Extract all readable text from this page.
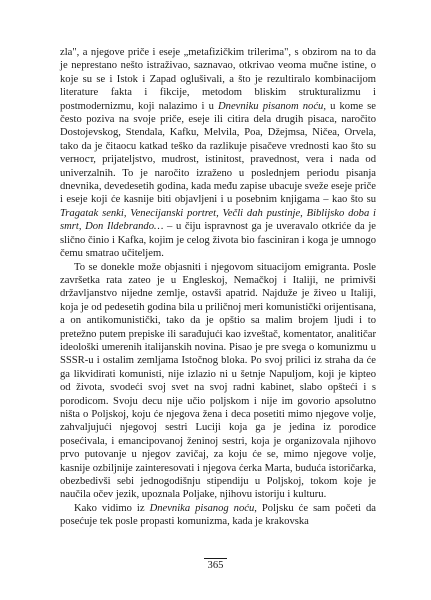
zla", a njegove priče i eseje „metafizičkim trilerima", s obzirom na to da je neprestano nešto istraživao, saznavao, otkrivao veoma mučne istine, o koje su se i Istok i Zapad oglušivali, a što je rezultiralo kombinacijom literature fakta i fikcije, metodom bliskim strukturalizmu i postmodernizmu, koji nalazimo i u Dnevniku pisanom noću, u kome se često poziva na svoje priče, eseje ili citira dela drugih pisaca, naročito Dostojevskog, Stendala, Kafku, Melvila, Poa, Džejmsa, Ničea, Orvela, tako da je čitaocu katkad teško da razlikuje pisačeve vrednosti kao što su verност, prijateljstvo, mudrost, istinitost, pravednost, vera i nada od univerzalnih. To je naročito izraženo u poslednjem periodu pisanja dnevnika, devedesetih godina, kada među zapise ubacuje sveže eseje priče i eseje koji će kasnije biti objavljeni i u posebnim knjigama – kao što su Tragatak senki, Venecijanski portret, Večli dah pustinje, Biblijsko doba i smrt, Don Ildebrando… – u čiju ispravnost ga je uveravalo otkriće da je slično činio i Kafka, kojim je celog života bio fasciniran i koga je umnogo čemu smatrao učiteljem.

To se donekle može objasniti i njegovom situacijom emigranta. Posle završetka rata zateo je u Engleskoj, Nemačkoj i Italiji, ne primivši državljanstvo nijedne zemlje, ostavši apatrid. Najduže je živeo u Italiji, koja je od pedesetih godina bila u priličnoj meri komunistički orijentisana, a on antikomunistički, tako da je opštio sa malim brojem ljudi i to pretežno putem prepiske ili sarađujući kao izveštač, komentator, analitičar ideološki umerenih italijanskih novina. Pisao je pre svega o komunizmu u SSSR-u i ostalim zemljama Istočnog bloka. Po svoj prilici iz straha da će ga likvidirati komunisti, nije izlazio ni u šetnje Napuljom, koji je kipteo od života, svodeći svoj svet na svoj radni kabinet, slabo opšteći i s porodicom. Svoju decu nije učio poljskom i nije im govorio apsolutno ništa o Poljskoj, koju će njegova žena i deca posetiti mimo njegove volje, zahvaljujući njegovoj sestri Luciji koja ga je jedina iz porodice posećivala, i emancipovanoj ženinoj sestri, koja je organizovala njihovo prvo putovanje u njegov zavičaj, za koju će se, mimo njegove volje, kasnije ozbiljnije zainteresovati i njegova ćerka Marta, buduća istoričarka, obezbedivši sebi jednogodišnju stipendiju u Poljskoj, tokom koje je naučila očev jezik, upoznala Poljake, njihovu istoriju i kulturu.

Kako vidimo iz Dnevnika pisanog noću, Poljsku će sam početi da posećuje tek posle propasti komunizma, kada je krakovska

365
